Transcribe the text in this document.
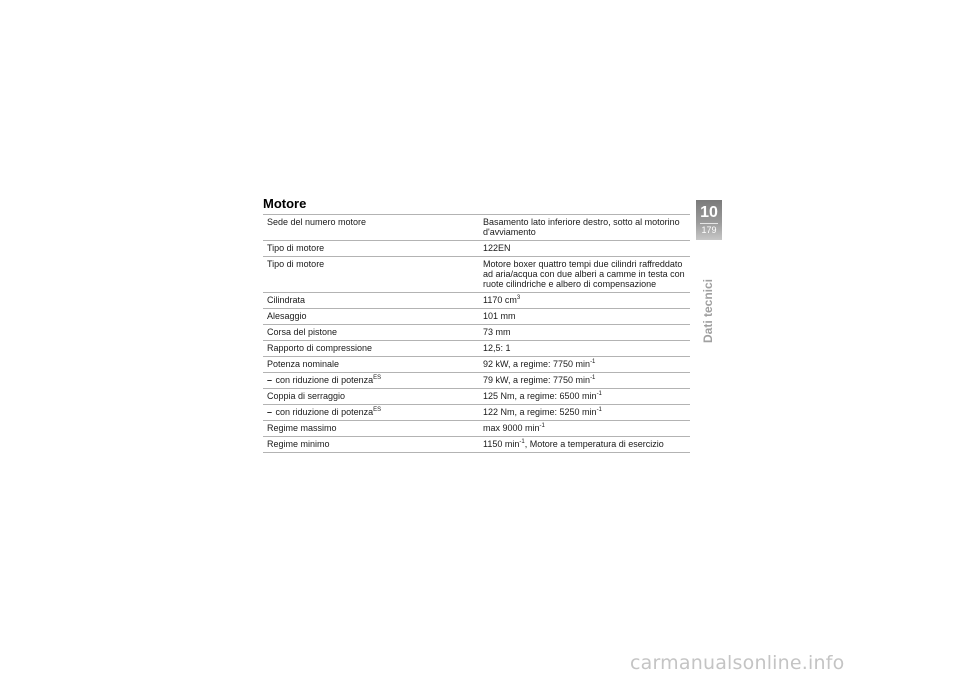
Motore
Sede del numero motore	Basamento lato inferiore destro, sotto al motorino d'avviamento
Tipo di motore	122EN
Tipo di motore	Motore boxer quattro tempi due cilindri raffreddato ad aria/acqua con due alberi a camme in testa con ruote cilindriche e albero di compensazione
Cilindrata	1170 $cm^3$
Alesaggio	101 mm
Corsa del pistone	73 mm
Rapporto di compressione	12,5: 1
Potenza nominale	92 kW, a regime: 7750 $\min^{-1}$
– con riduzione di potenza$^{ES}$	79 kW, a regime: 7750 $\min^{-1}$
Coppia di serraggio	125 Nm, a regime: 6500 $\min^{-1}$
– con riduzione di potenza$^{ES}$	122 Nm, a regime: 5250 $\min^{-1}$
Regime massimo	max 9000 $\min^{-1}$
Regime minimo	1150 $\min^{-1}$, Motore a temperatura di esercizio
10
179
Dati tecnici
carmanualsonline.info
